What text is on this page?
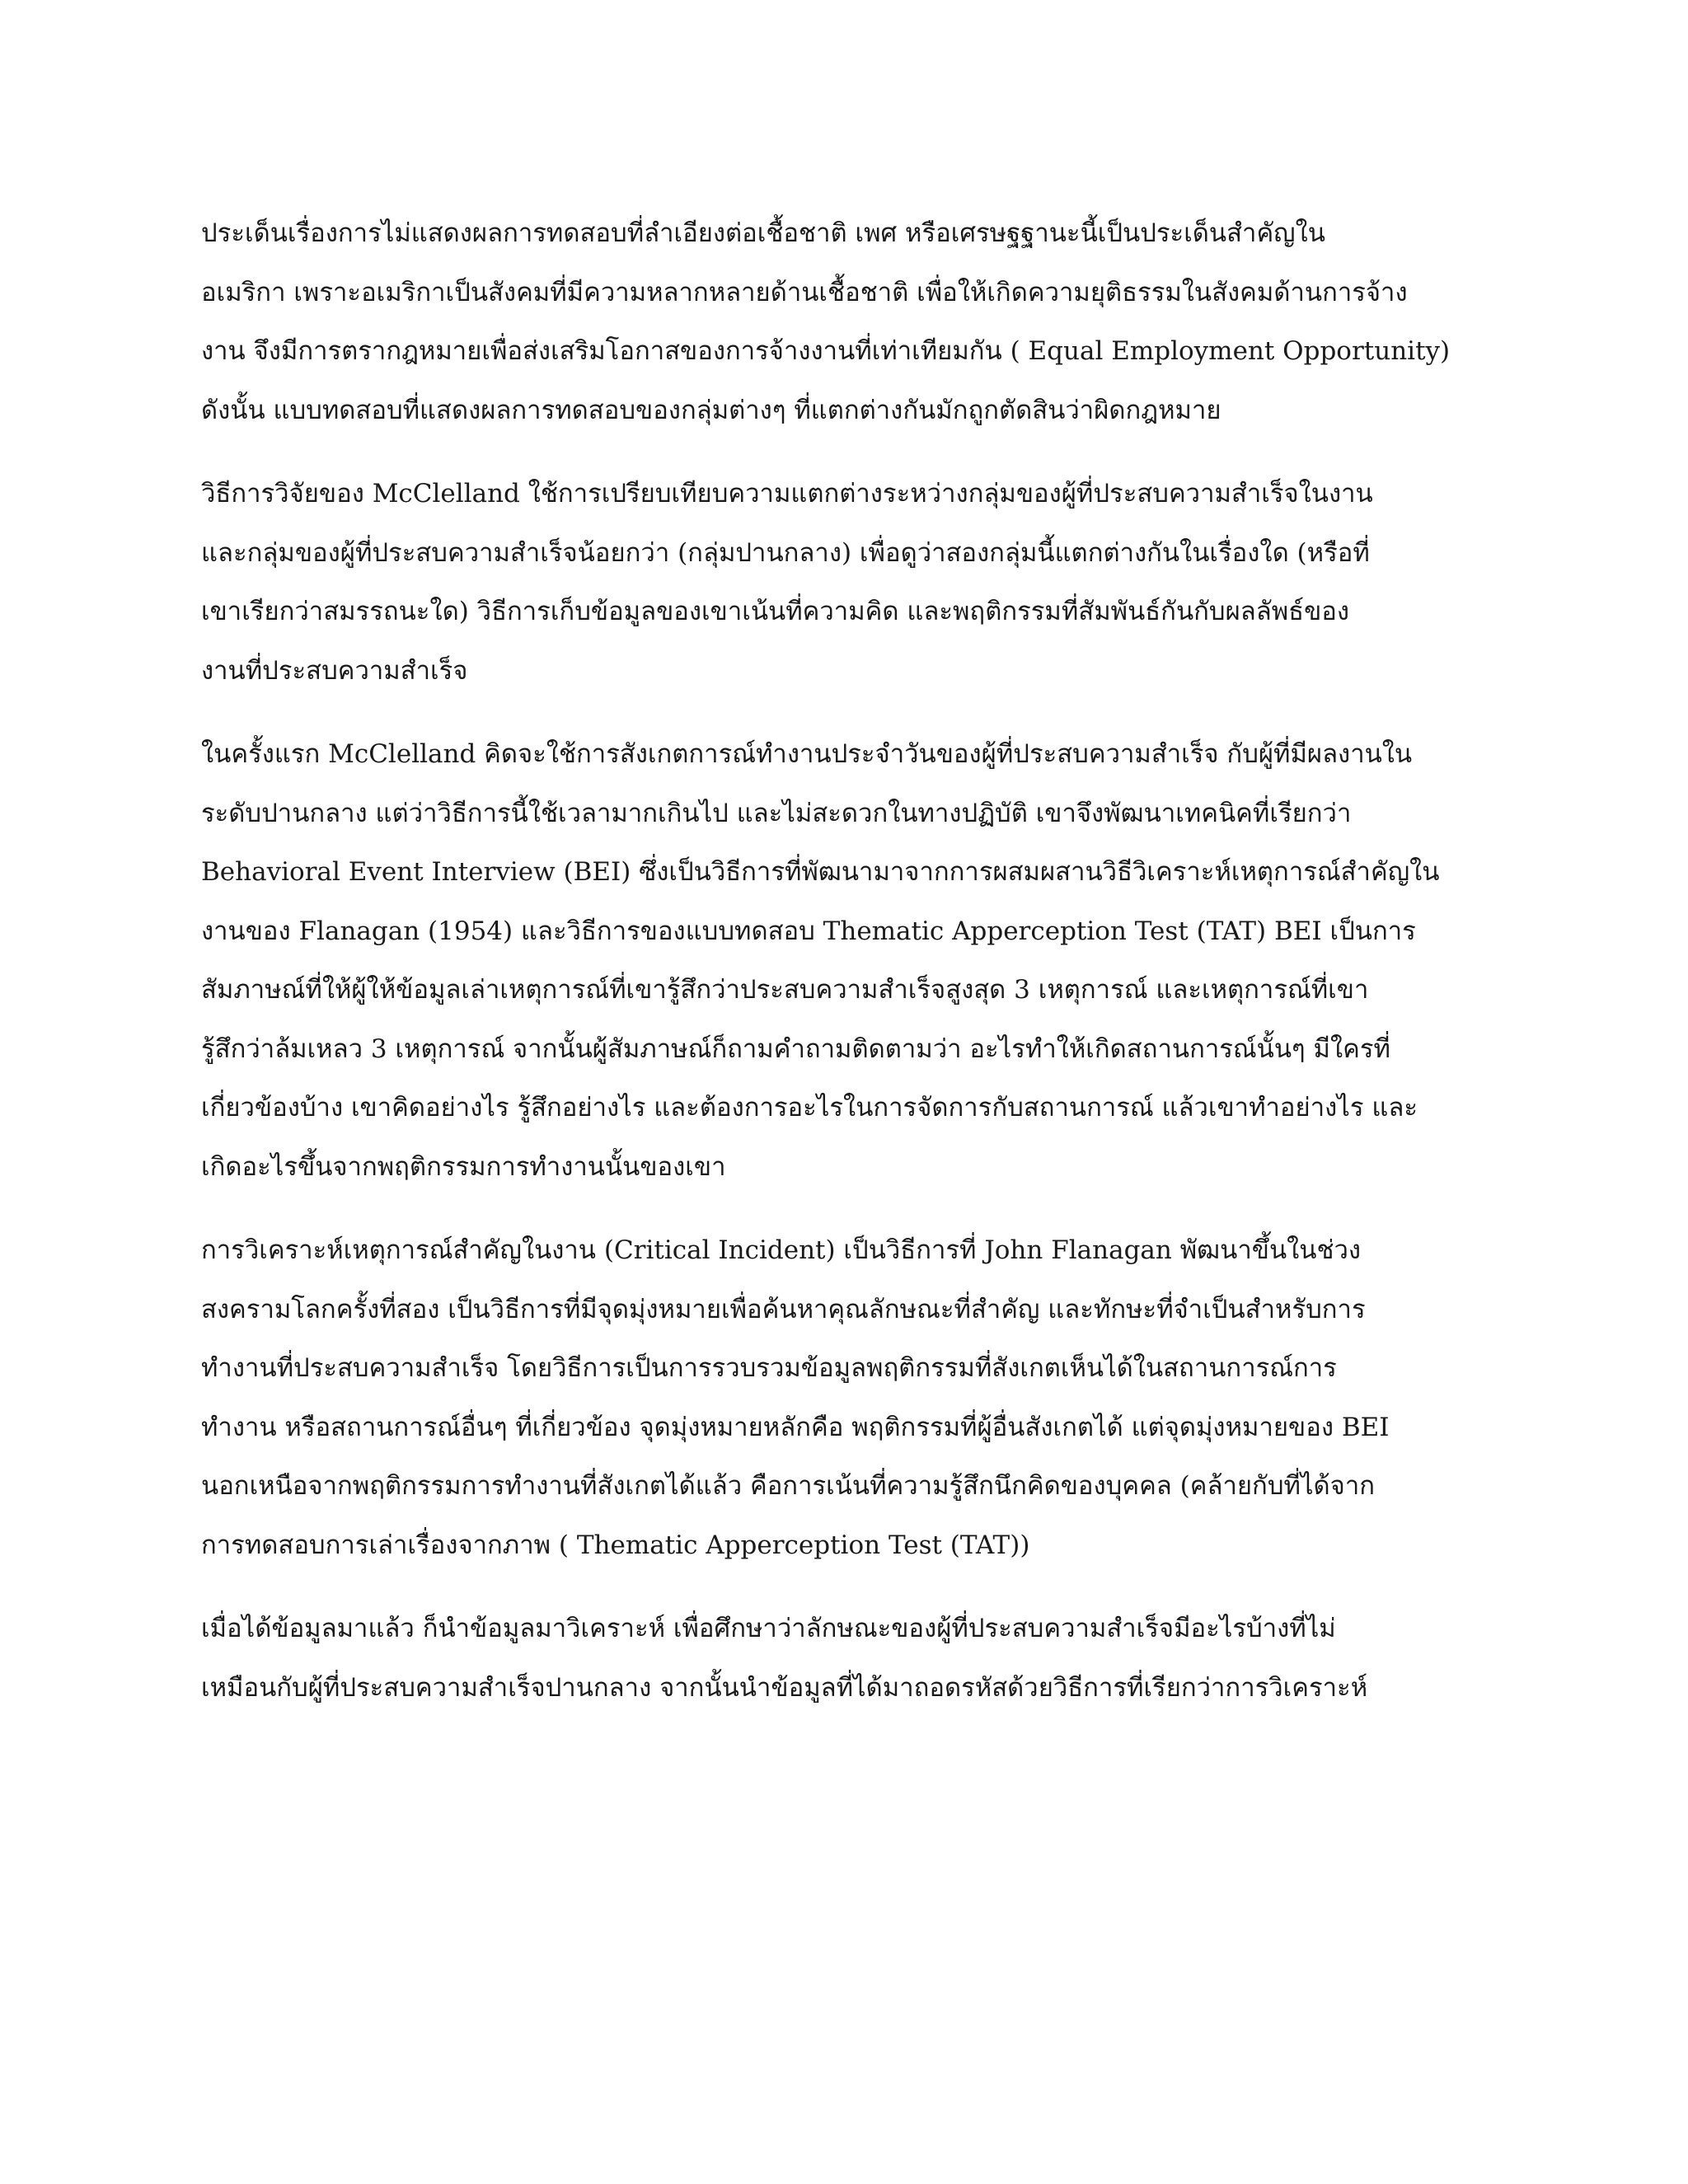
ประเด็นเรื่องการไม่แสดงผลการทดสอบที่ลำเอียงต่อเชื้อชาติ เพศ หรือเศรษฐฐานะนี้เป็นประเด็นสำคัญใน
อเมริกา เพราะอเมริกาเป็นสังคมที่มีความหลากหลายด้านเชื้อชาติ เพื่อให้เกิดความยุติธรรมในสังคมด้านการจ้าง
งาน จึงมีการตรากฎหมายเพื่อส่งเสริมโอกาสของการจ้างงานที่เท่าเทียมกัน ( Equal Employment Opportunity)
ดังนั้น แบบทดสอบที่แสดงผลการทดสอบของกลุ่มต่างๆ ที่แตกต่างกันมักถูกตัดสินว่าผิดกฎหมาย

วิธีการวิจัยของ McClelland ใช้การเปรียบเทียบความแตกต่างระหว่างกลุ่มของผู้ที่ประสบความสำเร็จในงาน
และกลุ่มของผู้ที่ประสบความสำเร็จน้อยกว่า (กลุ่มปานกลาง) เพื่อดูว่าสองกลุ่มนี้แตกต่างกันในเรื่องใด (หรือที่
เขาเรียกว่าสมรรถนะใด) วิธีการเก็บข้อมูลของเขาเน้นที่ความคิด และพฤติกรรมที่สัมพันธ์กันกับผลลัพธ์ของ
งานที่ประสบความสำเร็จ

ในครั้งแรก McClelland คิดจะใช้การสังเกตการณ์ทำงานประจำวันของผู้ที่ประสบความสำเร็จ กับผู้ที่มีผลงานใน
ระดับปานกลาง แต่ว่าวิธีการนี้ใช้เวลามากเกินไป และไม่สะดวกในทางปฏิบัติ เขาจึงพัฒนาเทคนิคที่เรียกว่า
Behavioral Event Interview (BEI) ซึ่งเป็นวิธีการที่พัฒนามาจากการผสมผสานวิธีวิเคราะห์เหตุการณ์สำคัญใน
งานของ Flanagan (1954) และวิธีการของแบบทดสอบ Thematic Apperception Test (TAT) BEI เป็นการ
สัมภาษณ์ที่ให้ผู้ให้ข้อมูลเล่าเหตุการณ์ที่เขารู้สึกว่าประสบความสำเร็จสูงสุด 3 เหตุการณ์ และเหตุการณ์ที่เขา
รู้สึกว่าล้มเหลว 3 เหตุการณ์ จากนั้นผู้สัมภาษณ์ก็ถามคำถามติดตามว่า อะไรทำให้เกิดสถานการณ์นั้นๆ มีใครที่
เกี่ยวข้องบ้าง เขาคิดอย่างไร รู้สึกอย่างไร และต้องการอะไรในการจัดการกับสถานการณ์ แล้วเขาทำอย่างไร และ
เกิดอะไรขึ้นจากพฤติกรรมการทำงานนั้นของเขา

การวิเคราะห์เหตุการณ์สำคัญในงาน (Critical Incident) เป็นวิธีการที่ John Flanagan พัฒนาขึ้นในช่วง
สงครามโลกครั้งที่สอง เป็นวิธีการที่มีจุดมุ่งหมายเพื่อค้นหาคุณลักษณะที่สำคัญ และทักษะที่จำเป็นสำหรับการ
ทำงานที่ประสบความสำเร็จ โดยวิธีการเป็นการรวบรวมข้อมูลพฤติกรรมที่สังเกตเห็นได้ในสถานการณ์การ
ทำงาน หรือสถานการณ์อื่นๆ ที่เกี่ยวข้อง จุดมุ่งหมายหลักคือ พฤติกรรมที่ผู้อื่นสังเกตได้ แต่จุดมุ่งหมายของ BEI
นอกเหนือจากพฤติกรรมการทำงานที่สังเกตได้แล้ว คือการเน้นที่ความรู้สึกนึกคิดของบุคคล (คล้ายกับที่ได้จาก
การทดสอบการเล่าเรื่องจากภาพ ( Thematic Apperception Test (TAT))

เมื่อได้ข้อมูลมาแล้ว ก็นำข้อมูลมาวิเคราะห์ เพื่อศึกษาว่าลักษณะของผู้ที่ประสบความสำเร็จมีอะไรบ้างที่ไม่
เหมือนกับผู้ที่ประสบความสำเร็จปานกลาง จากนั้นนำข้อมูลที่ได้มาถอดรหัสด้วยวิธีการที่เรียกว่าการวิเคราะห์
